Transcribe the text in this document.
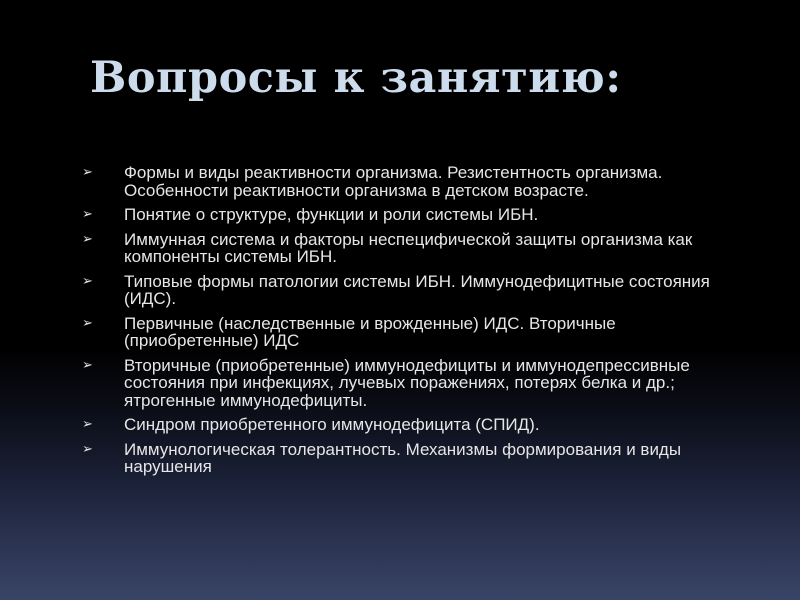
Вопросы к занятию:
➢	Формы и виды реактивности организма. Резистентность организма. Особенности реактивности организма в детском возрасте.
➢	Понятие о структуре, функции и роли системы ИБН.
➢	Иммунная система и факторы неспецифической защиты организма как компоненты системы ИБН.
➢	Типовые формы патологии системы ИБН. Иммунодефицитные состояния (ИДС).
➢	Первичные (наследственные и врожденные) ИДС. Вторичные (приобретенные) ИДС
➢	Вторичные (приобретенные) иммунодефициты и иммунодепрессивные состояния при инфекциях, лучевых поражениях, потерях белка и др.; ятрогенные иммунодефициты.
➢	Синдром приобретенного иммунодефицита (СПИД).
➢	Иммунологическая толерантность. Механизмы формирования и виды нарушения
